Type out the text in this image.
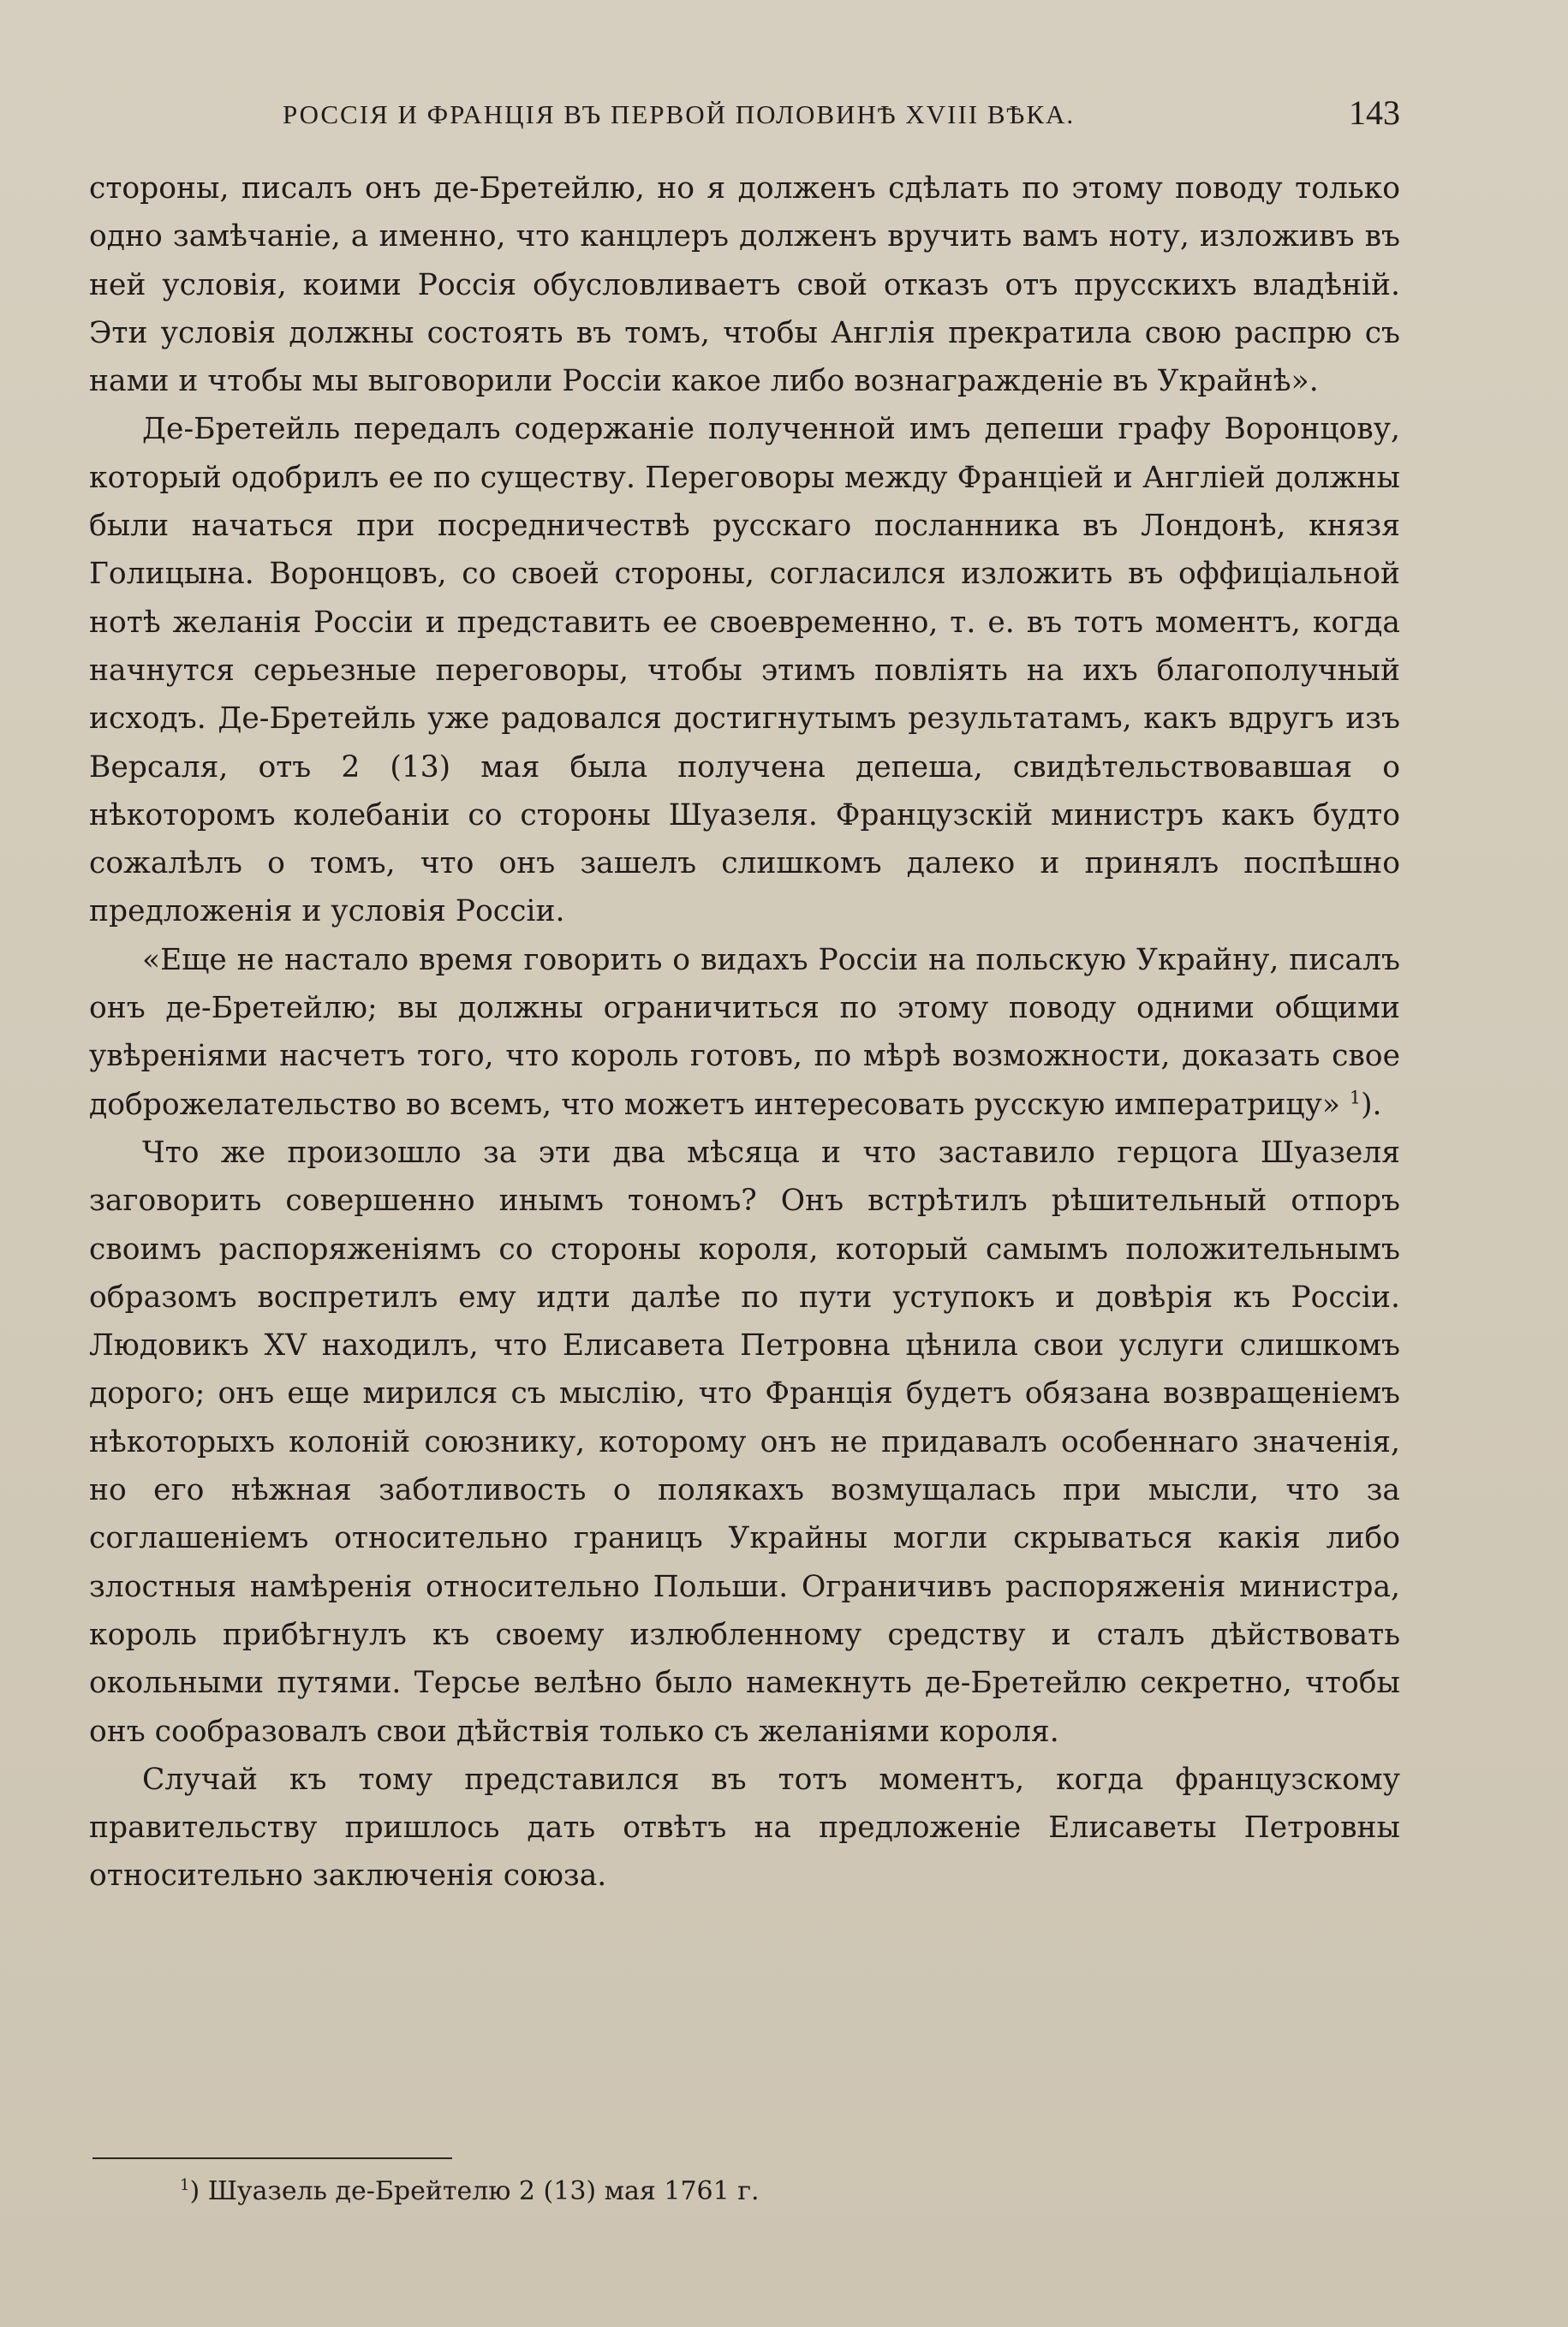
РОССІЯ И ФРАНЦІЯ ВЪ ПЕРВОЙ ПОЛОВИНѢ XVIII ВѢКА.	143

стороны, писалъ онъ де-Бретейлю, но я долженъ сдѣлать по этому поводу только одно замѣчаніе, а именно, что канцлеръ долженъ вручить вамъ ноту, изложивъ въ ней условія, коими Россія обусловливаетъ свой отказъ отъ прусскихъ владѣній. Эти условія должны состоять въ томъ, чтобы Англія прекратила свою распрю съ нами и чтобы мы выговорили Россіи какое либо вознагражденіе въ Украйнѣ».

Де-Бретейль передалъ содержаніе полученной имъ депеши графу Воронцову, который одобрилъ ее по существу. Переговоры между Франціей и Англіей должны были начаться при посредничествѣ русскаго посланника въ Лондонѣ, князя Голицына. Воронцовъ, со своей стороны, согласился изложить въ оффиціальной нотѣ желанія Россіи и представить ее своевременно, т. е. въ тотъ моментъ, когда начнутся серьезные переговоры, чтобы этимъ повліять на ихъ благополучный исходъ. Де-Бретейль уже радовался достигнутымъ результатамъ, какъ вдругъ изъ Версаля, отъ 2 (13) мая была получена депеша, свидѣтельствовавшая о нѣкоторомъ колебаніи со стороны Шуазеля. Французскій министръ какъ будто сожалѣлъ о томъ, что онъ зашелъ слишкомъ далеко и принялъ поспѣшно предложенія и условія Россіи.

«Еще не настало время говорить о видахъ Россіи на польскую Украйну, писалъ онъ де-Бретейлю; вы должны ограничиться по этому поводу одними общими увѣреніями насчетъ того, что король готовъ, по мѣрѣ возможности, доказать свое доброжелательство во всемъ, что можетъ интересовать русскую императрицу» $^1$).

Что же произошло за эти два мѣсяца и что заставило герцога Шуазеля заговорить совершенно инымъ тономъ? Онъ встрѣтилъ рѣшительный отпоръ своимъ распоряженіямъ со стороны короля, который самымъ положительнымъ образомъ воспретилъ ему идти далѣе по пути уступокъ и довѣрія къ Россіи. Людовикъ XV находилъ, что Елисавета Петровна цѣнила свои услуги слишкомъ дорого; онъ еще мирился съ мыслію, что Франція будетъ обязана возвращеніемъ нѣкоторыхъ колоній союзнику, которому онъ не придавалъ особеннаго значенія, но его нѣжная заботливость о полякахъ возмущалась при мысли, что за соглашеніемъ относительно границъ Украйны могли скрываться какія либо злостныя намѣренія относительно Польши. Ограничивъ распоряженія министра, король прибѣгнулъ къ своему излюбленному средству и сталъ дѣйствовать окольными путями. Терсье велѣно было намекнуть де-Бретейлю секретно, чтобы онъ сообразовалъ свои дѣйствія только съ желаніями короля.

Случай къ тому представился въ тотъ моментъ, когда французскому правительству пришлось дать отвѣтъ на предложеніе Елисаветы Петровны относительно заключенія союза.

$^1$) Шуазель де-Брейтелю 2 (13) мая 1761 г.
